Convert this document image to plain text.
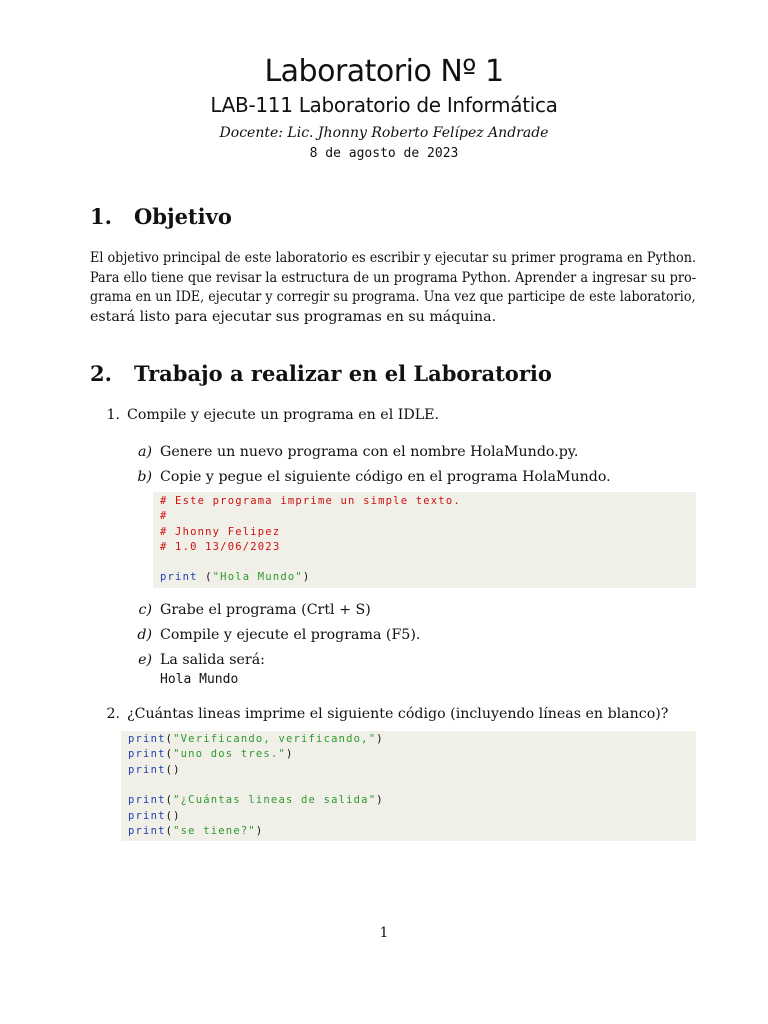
Laboratorio Nº 1
LAB-111 Laboratorio de Informática
Docente: Lic. Jhonny Roberto Felípez Andrade
8 de agosto de 2023
1. Objetivo
El objetivo principal de este laboratorio es escribir y ejecutar su primer programa en Python.
Para ello tiene que revisar la estructura de un programa Python. Aprender a ingresar su pro-
grama en un IDE, ejecutar y corregir su programa. Una vez que participe de este laboratorio,
estará listo para ejecutar sus programas en su máquina.
2. Trabajo a realizar en el Laboratorio
1. Compile y ejecute un programa en el IDLE.
a) Genere un nuevo programa con el nombre HolaMundo.py.
b) Copie y pegue el siguiente código en el programa HolaMundo.
# Este programa imprime un simple texto.
#
# Jhonny Felipez
# 1.0 13/06/2023
print ("Hola Mundo")
c) Grabe el programa (Crtl + S)
d) Compile y ejecute el programa (F5).
e) La salida será:
Hola Mundo
2. ¿Cuántas lineas imprime el siguiente código (incluyendo líneas en blanco)?
print("Verificando, verificando,")
print("uno dos tres.")
print()
print("¿Cuántas lineas de salida")
print()
print("se tiene?")
1
